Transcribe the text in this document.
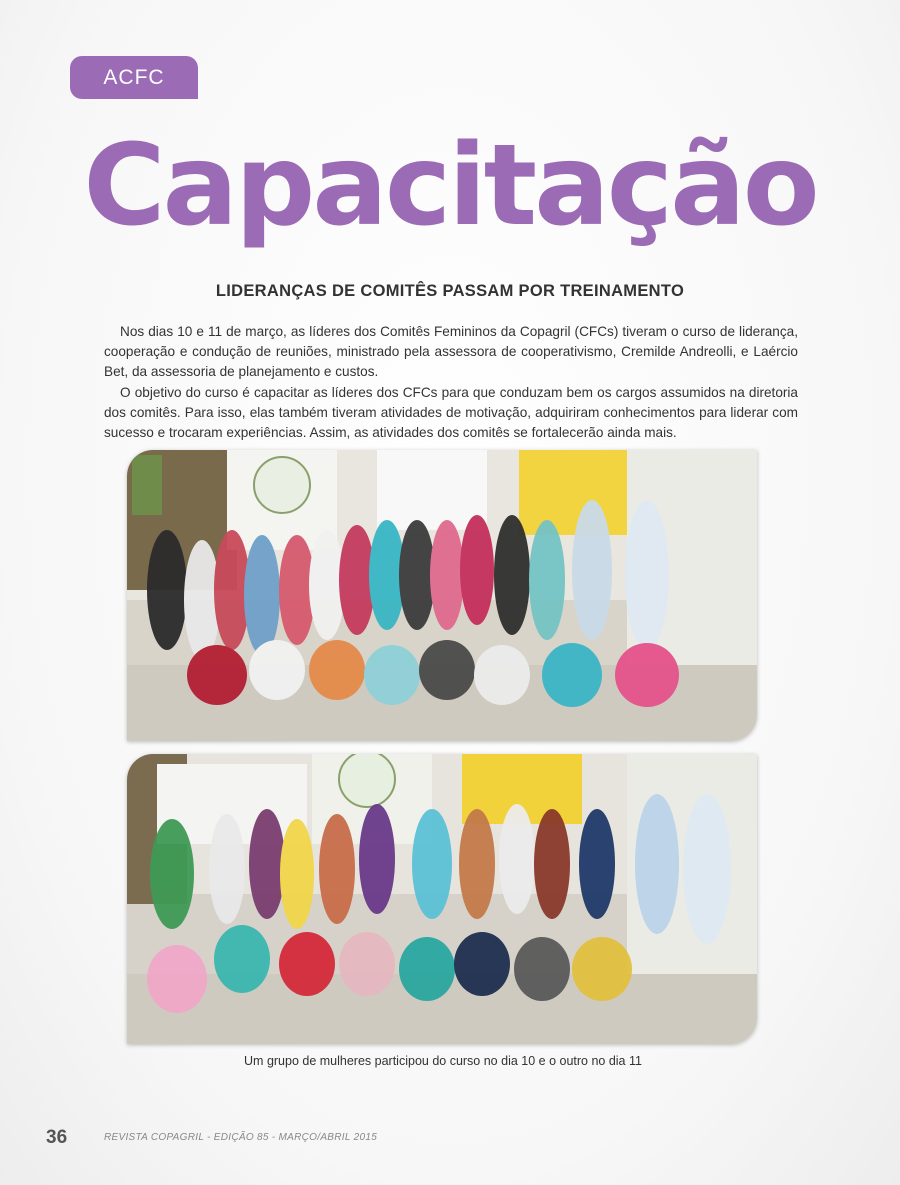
ACFC
Capacitação
LIDERANÇAS DE COMITÊS PASSAM POR TREINAMENTO

Nos dias 10 e 11 de março, as líderes dos Comitês Femininos da Copagril (CFCs) tiveram o curso de liderança, cooperação e condução de reuniões, ministrado pela assessora de cooperativismo, Cremilde Andreolli, e Laércio Bet, da assessoria de planejamento e custos.

O objetivo do curso é capacitar as líderes dos CFCs para que conduzam bem os cargos assumidos na diretoria dos comitês. Para isso, elas também tiveram atividades de motivação, adquiriram conhecimentos para liderar com sucesso e trocaram experiências. Assim, as atividades dos comitês se fortalecerão ainda mais.

Um grupo de mulheres participou do curso no dia 10 e o outro no dia 11

36	REVISTA COPAGRIL - EDIÇÃO 85 - MARÇO/ABRIL 2015
